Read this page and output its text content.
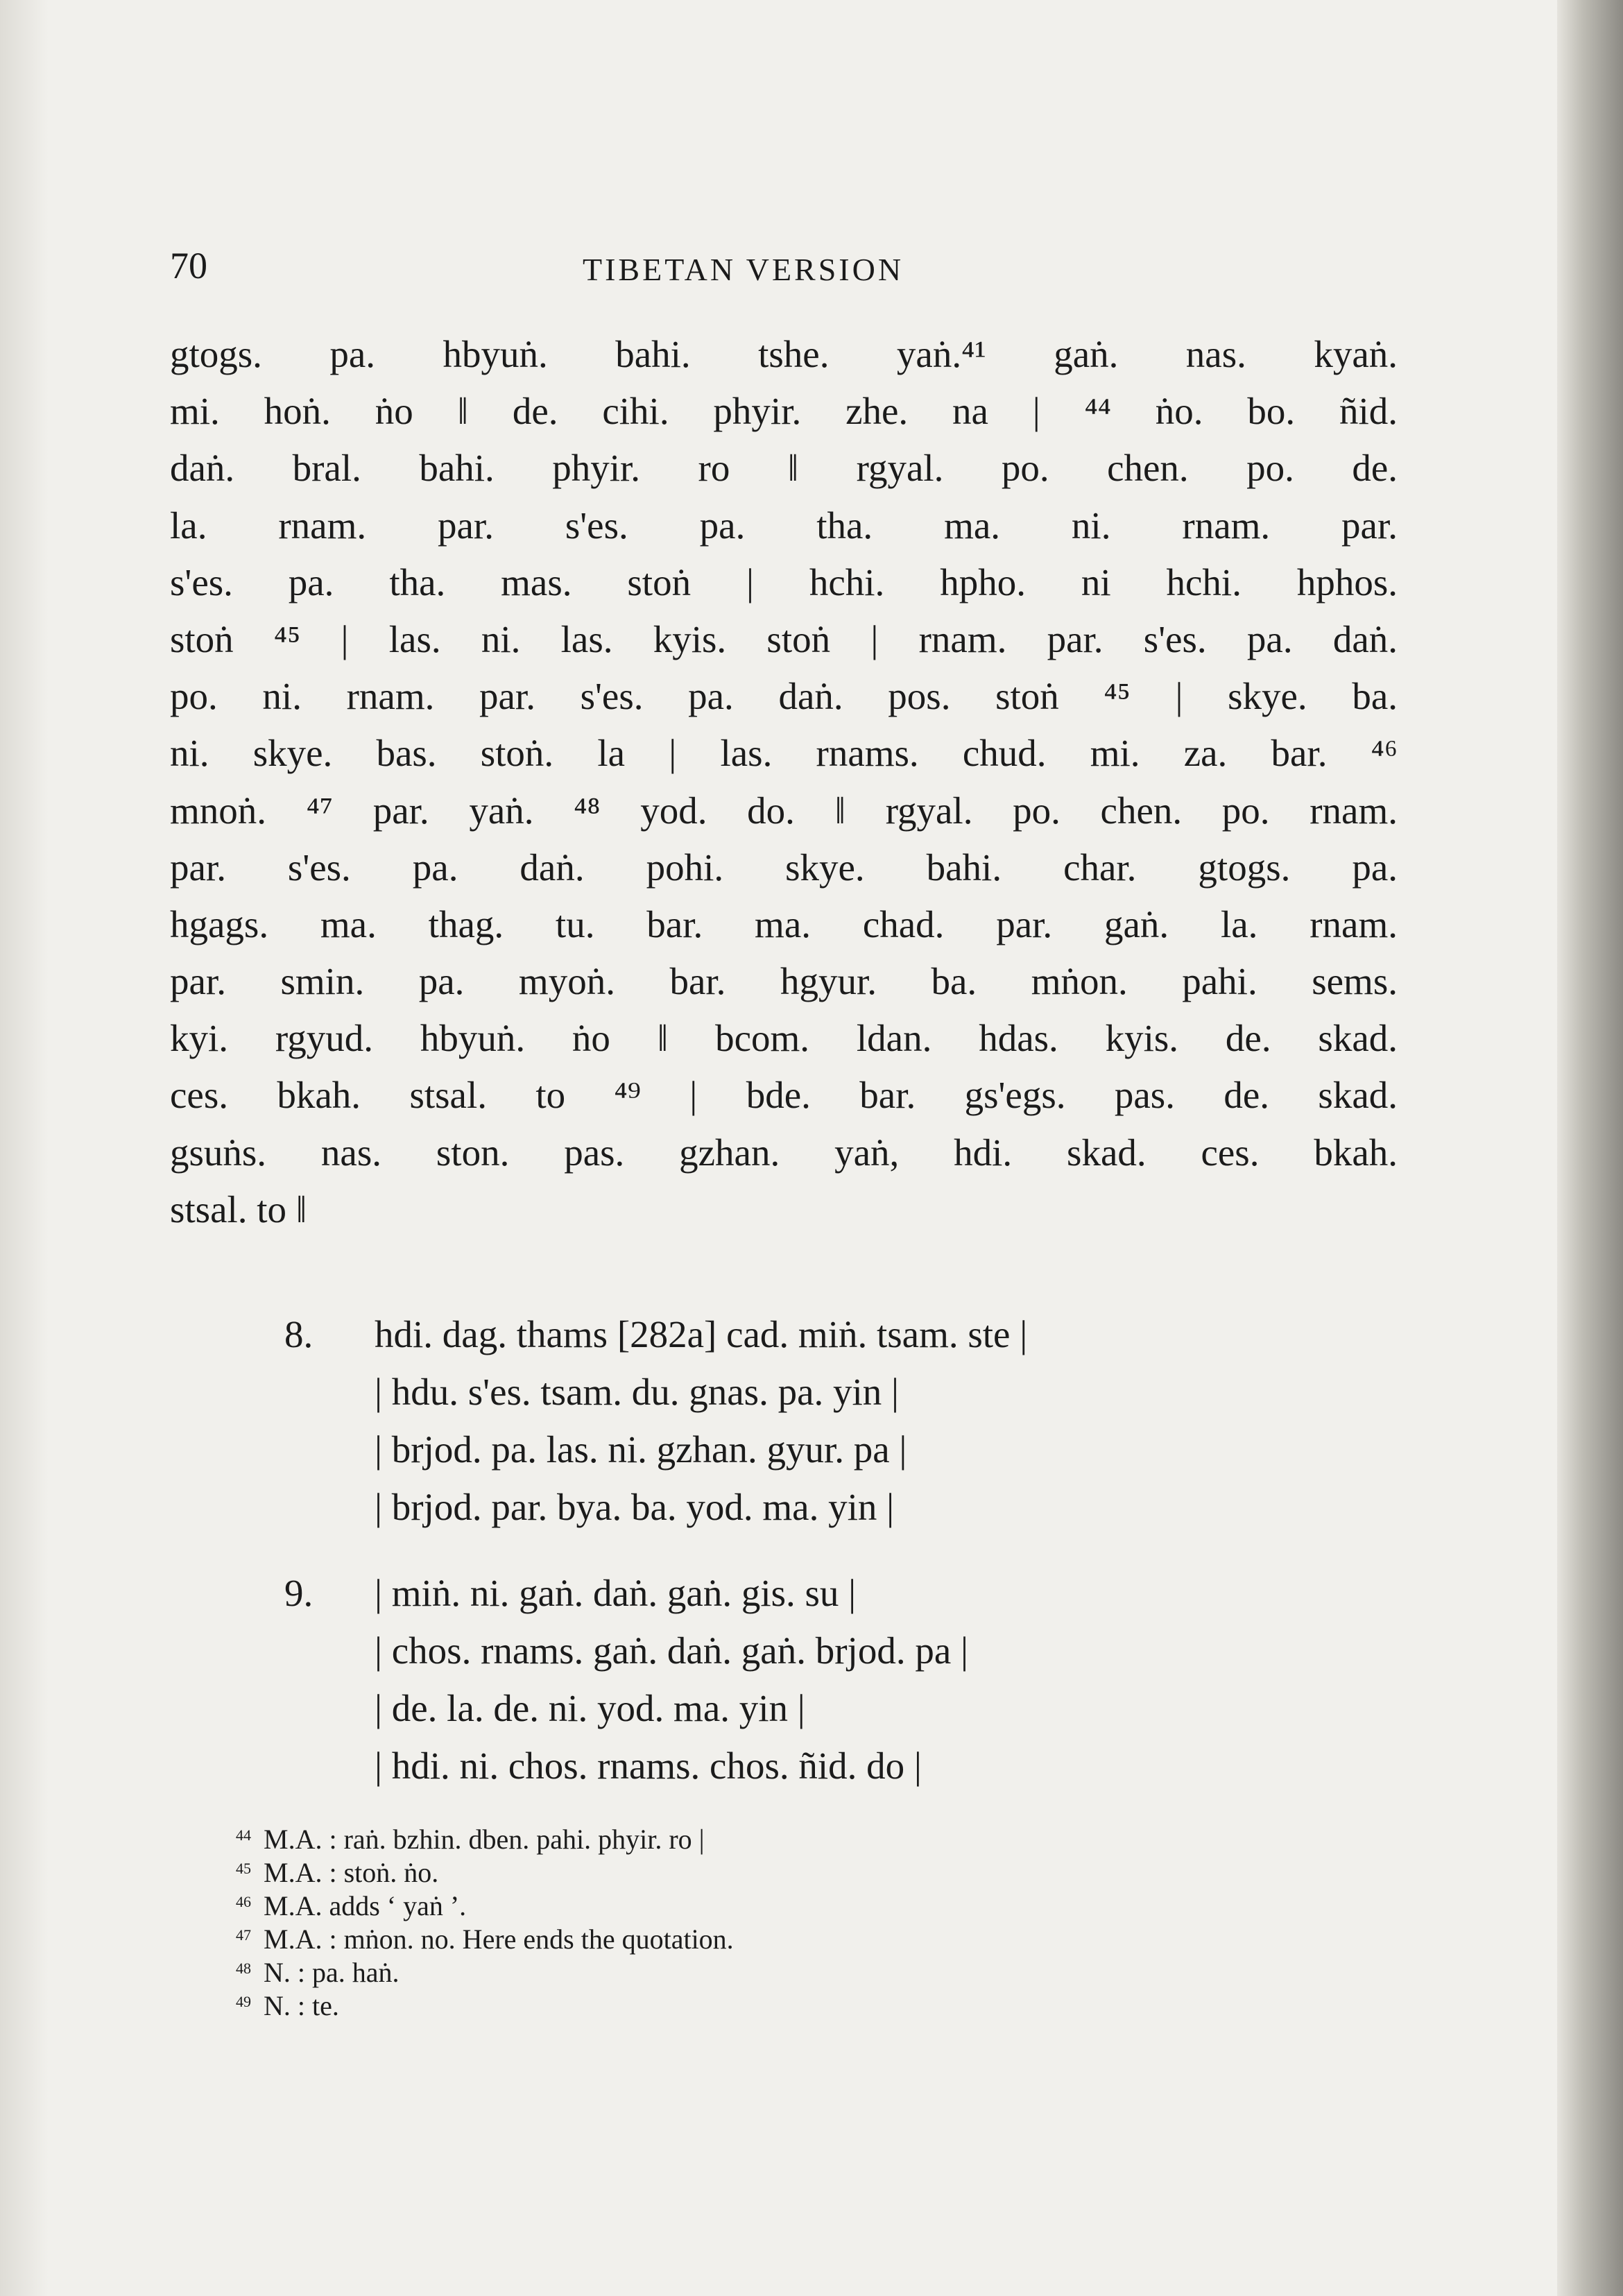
70	TIBETAN VERSION
gtogs. pa. hbyuṅ. bahi. tshe. yaṅ.⁴¹ gaṅ. nas. kyaṅ.
mi. hoṅ. ṅo ‖ de. cihi. phyir. zhe. na | ⁴⁴ ṅo. bo. ñid.
daṅ. bral. bahi. phyir. ro ‖ rgyal. po. chen. po. de.
la. rnam. par. s'es. pa. tha. ma. ni. rnam. par.
s'es. pa. tha. mas. stoṅ | hchi. hpho. ni hchi. hphos.
stoṅ ⁴⁵ | las. ni. las. kyis. stoṅ | rnam. par. s'es. pa. daṅ.
po. ni. rnam. par. s'es. pa. daṅ. pos. stoṅ ⁴⁵ | skye. ba.
ni. skye. bas. stoṅ. la | las. rnams. chud. mi. za. bar. ⁴⁶
mnoṅ. ⁴⁷ par. yaṅ. ⁴⁸ yod. do. ‖ rgyal. po. chen. po. rnam.
par. s'es. pa. daṅ. pohi. skye. bahi. char. gtogs. pa.
hgags. ma. thag. tu. bar. ma. chad. par. gaṅ. la. rnam.
par. smin. pa. myoṅ. bar. hgyur. ba. mṅon. pahi. sems.
kyi. rgyud. hbyuṅ. ṅo ‖ bcom. ldan. hdas. kyis. de. skad.
ces. bkah. stsal. to ⁴⁹ | bde. bar. gs'egs. pas. de. skad.
gsuṅs. nas. ston. pas. gzhan. yaṅ, hdi. skad. ces. bkah.
stsal. to ‖
8. hdi. dag. thams [282a] cad. miṅ. tsam. ste |
| hdu. s'es. tsam. du. gnas. pa. yin |
| brjod. pa. las. ni. gzhan. gyur. pa |
| brjod. par. bya. ba. yod. ma. yin |
9. | miṅ. ni. gaṅ. daṅ. gaṅ. gis. su |
| chos. rnams. gaṅ. daṅ. gaṅ. brjod. pa |
| de. la. de. ni. yod. ma. yin |
| hdi. ni. chos. rnams. chos. ñid. do |
44 M.A. : raṅ. bzhin. dben. pahi. phyir. ro |
45 M.A. : stoṅ. ṅo.
46 M.A. adds ‘ yaṅ ’.
47 M.A. : mṅon. no. Here ends the quotation.
48 N. : pa. haṅ.
49 N. : te.
